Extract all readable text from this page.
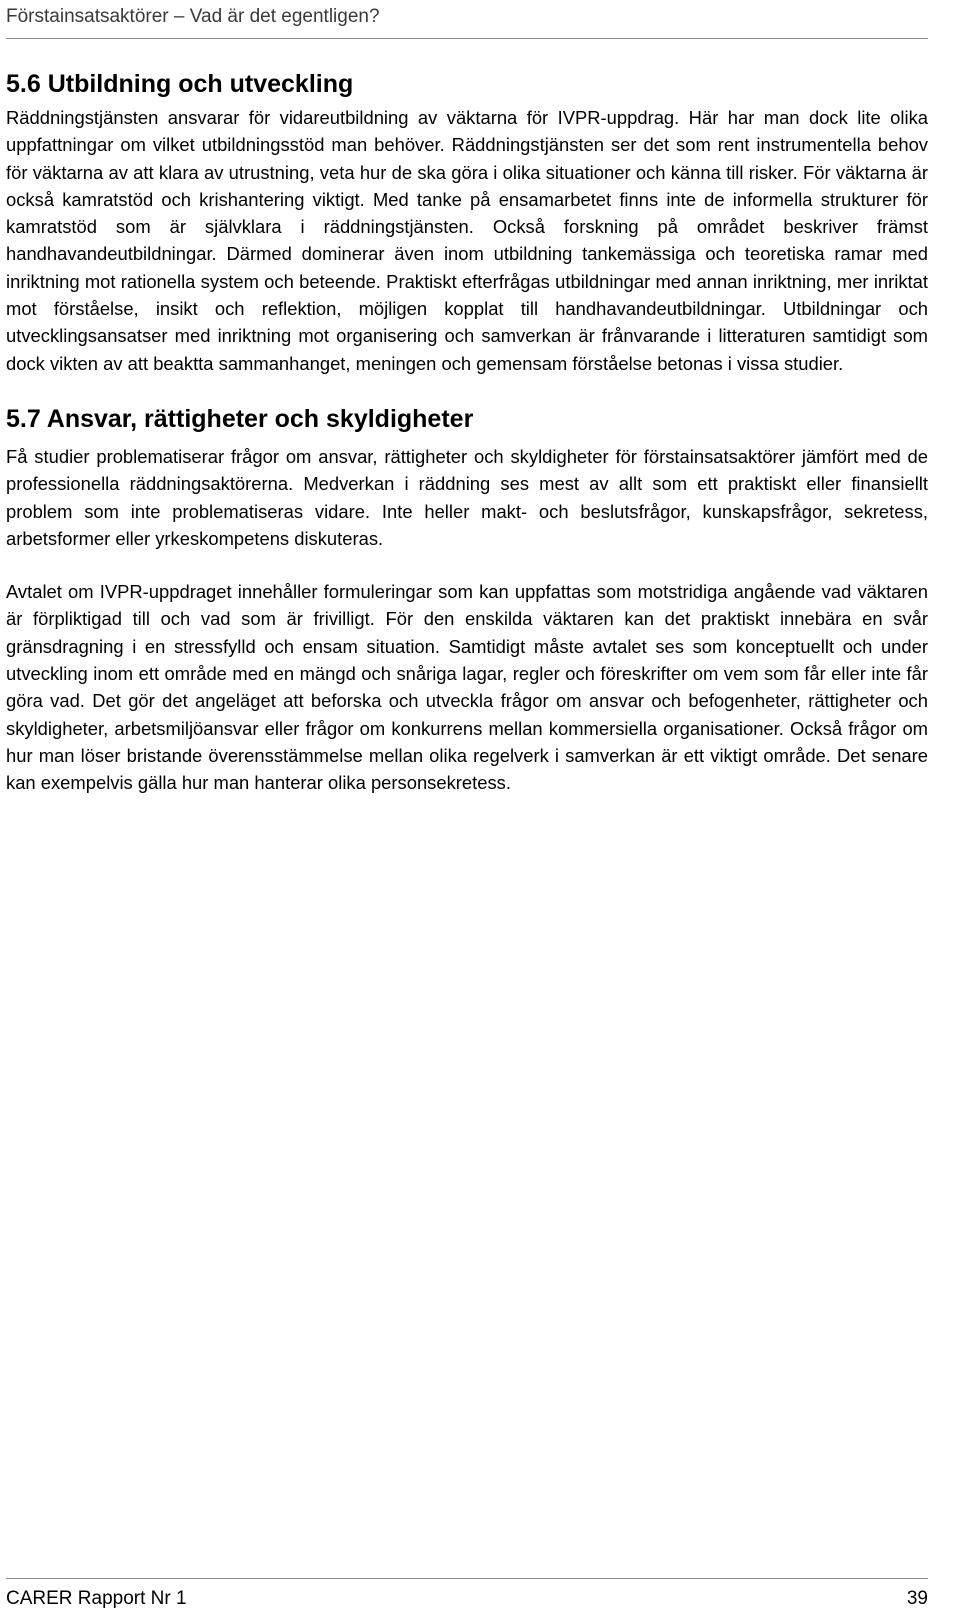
Förstainsatsaktörer – Vad är det egentligen?
5.6 Utbildning och utveckling

Räddningstjänsten ansvarar för vidareutbildning av väktarna för IVPR-uppdrag. Här har man dock lite olika uppfattningar om vilket utbildningsstöd man behöver. Räddningstjänsten ser det som rent instrumentella behov för väktarna av att klara av utrustning, veta hur de ska göra i olika situationer och känna till risker. För väktarna är också kamratstöd och krishantering viktigt. Med tanke på ensamarbetet finns inte de informella strukturer för kamratstöd som är självklara i räddningstjänsten. Också forskning på området beskriver främst handhavandeutbildningar. Därmed dominerar även inom utbildning tankemässiga och teoretiska ramar med inriktning mot rationella system och beteende. Praktiskt efterfrågas utbildningar med annan inriktning, mer inriktat mot förståelse, insikt och reflektion, möjligen kopplat till handhavandeutbildningar. Utbildningar och utvecklingsansatser med inriktning mot organisering och samverkan är frånvarande i litteraturen samtidigt som dock vikten av att beaktta sammanhanget, meningen och gemensam förståelse betonas i vissa studier.

5.7 Ansvar, rättigheter och skyldigheter

Få studier problematiserar frågor om ansvar, rättigheter och skyldigheter för förstainsatsaktörer jämfört med de professionella räddningsaktörerna. Medverkan i räddning ses mest av allt som ett praktiskt eller finansiellt problem som inte problematiseras vidare. Inte heller makt- och beslutsfrågor, kunskapsfrågor, sekretess, arbetsformer eller yrkeskompetens diskuteras.

Avtalet om IVPR-uppdraget innehåller formuleringar som kan uppfattas som motstridiga angående vad väktaren är förpliktigad till och vad som är frivilligt. För den enskilda väktaren kan det praktiskt innebära en svår gränsdragning i en stressfylld och ensam situation. Samtidigt måste avtalet ses som konceptuellt och under utveckling inom ett område med en mängd och snåriga lagar, regler och föreskrifter om vem som får eller inte får göra vad. Det gör det angeläget att beforska och utveckla frågor om ansvar och befogenheter, rättigheter och skyldigheter, arbetsmiljöansvar eller frågor om konkurrens mellan kommersiella organisationer. Också frågor om hur man löser bristande överensstämmelse mellan olika regelverk i samverkan är ett viktigt område. Det senare kan exempelvis gälla hur man hanterar olika personsekretess.

CARER Rapport Nr 1	39
